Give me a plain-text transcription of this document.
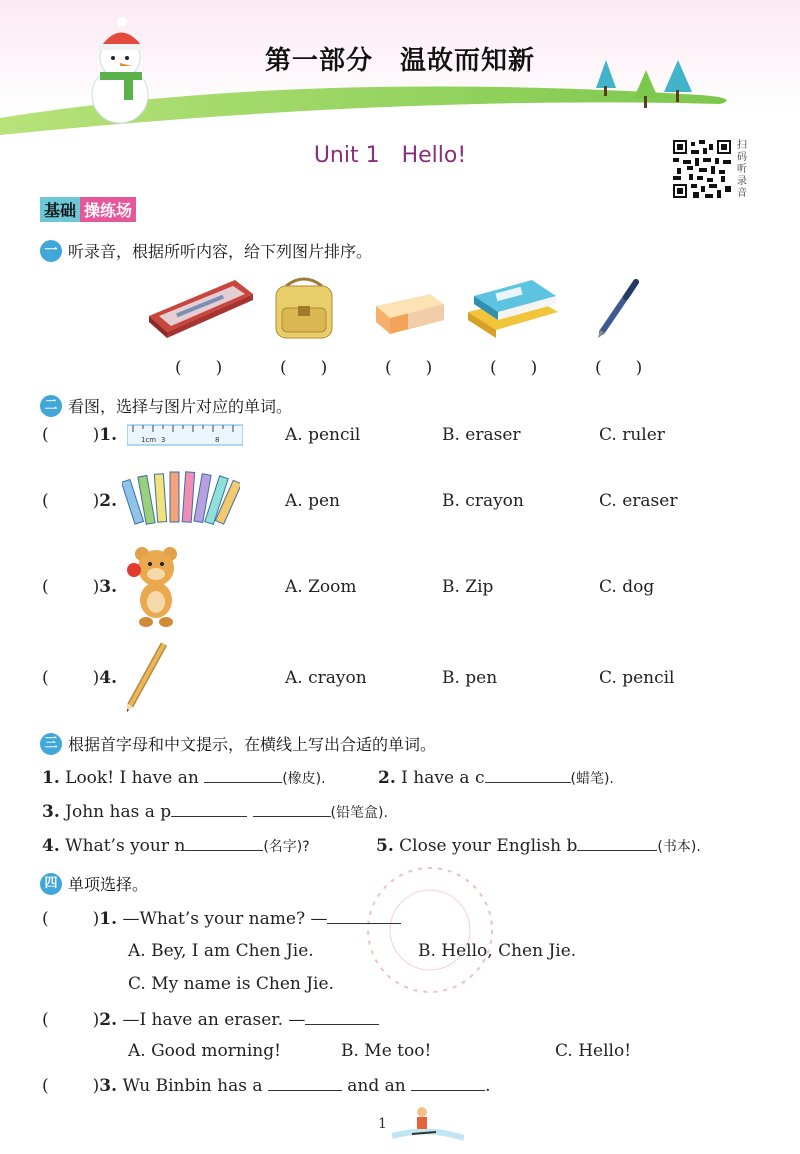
第一部分　温故而知新
Unit 1　Hello!	扫
码
听
录
音
基础 操练场
一 听录音，根据所听内容，给下列图片排序。
(　　)	(　　)	(　　)	(　　)	(　　)
二 看图，选择与图片对应的单词。
(	)1.	1cm 3	8	A. pencil	B. eraser	C. ruler
(	)2.	A. pen	B. crayon	C. eraser
(	)3.	A. Zoom	B. Zip	C. dog
(	)4.	A. crayon	B. pen	C. pencil
三 根据首字母和中文提示，在横线上写出合适的单词。
1. Look! I have an	(橡皮).	2. I have a c	(蜡笔).
3. John has a p	(铅笔盒).
4. What’s your n	(名字)?	5. Close your English b	(书本).
四 单项选择。
(	)1. —What’s your name? —
A. Bey, I am Chen Jie.	B. Hello, Chen Jie.
C. My name is Chen Jie.
(	)2. —I have an eraser. —
A. Good morning!	B. Me too!	C. Hello!
(	)3. Wu Binbin has a	and an	.
1
